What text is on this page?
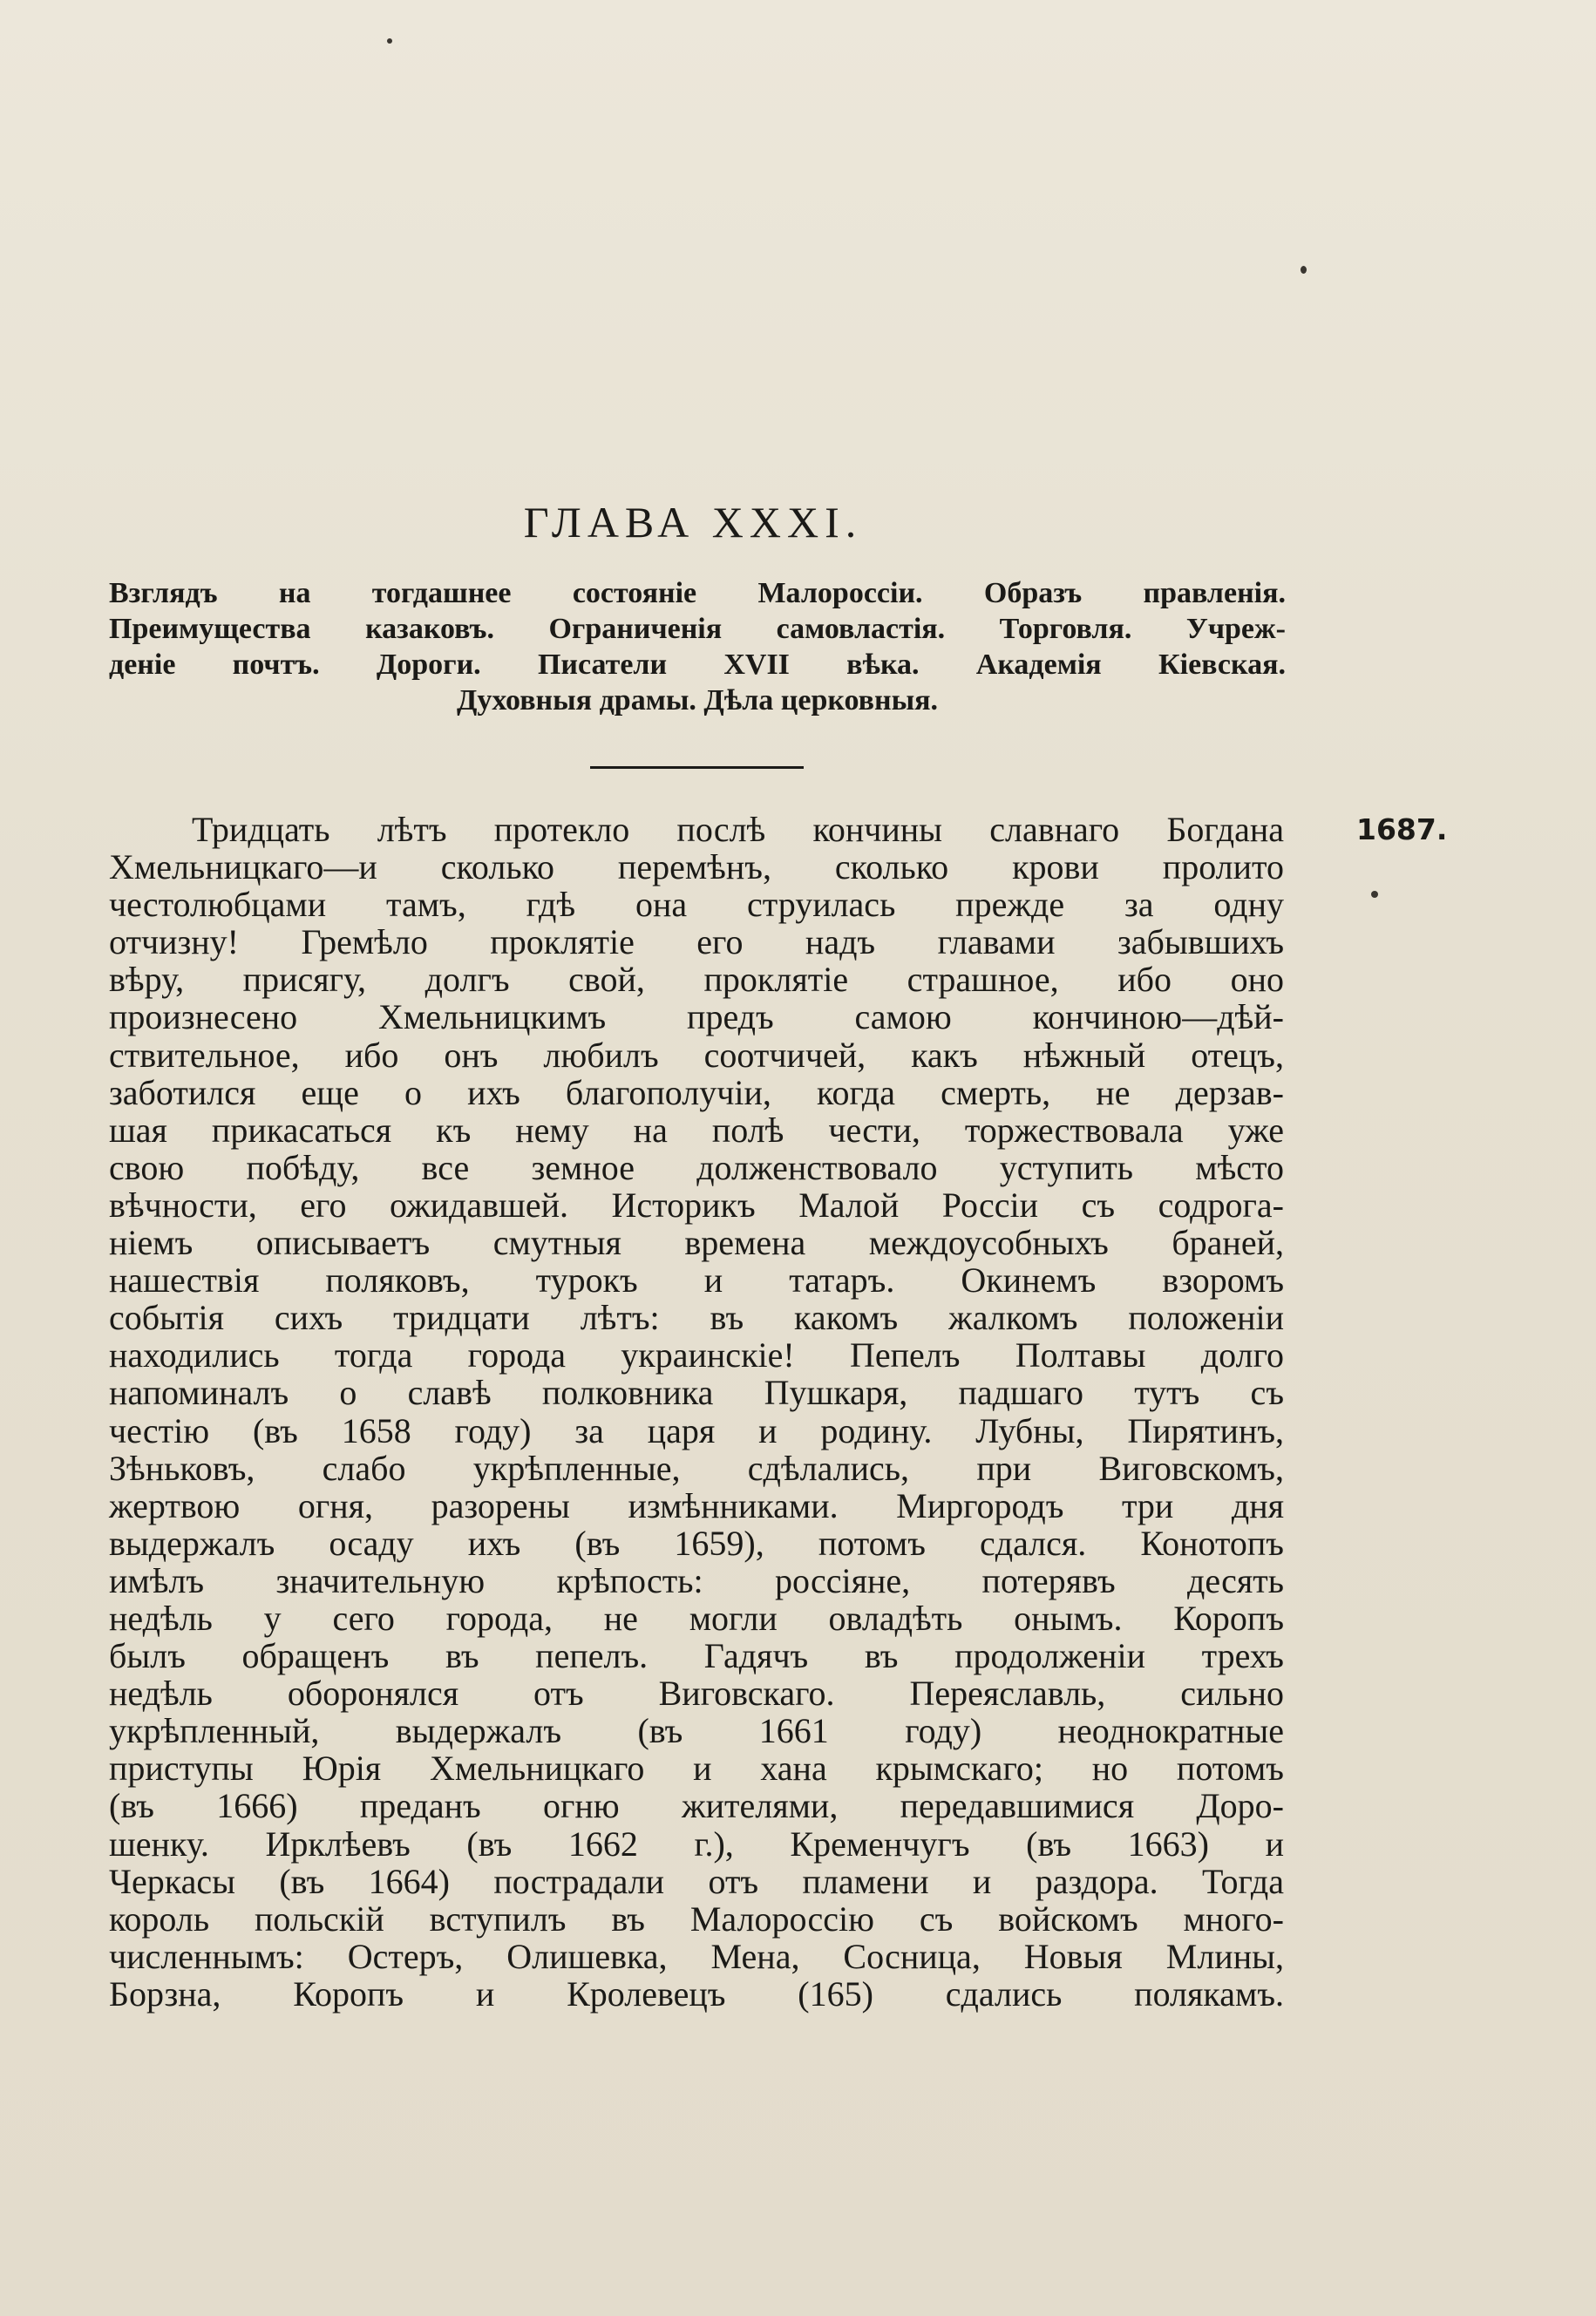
ГЛАВА XXXI.
Взглядъ на тогдашнее состояніе Малороссіи. Образъ правленія.
Преимущества казаковъ. Ограниченія самовластія. Торговля. Учреж-
деніе почтъ. Дороги. Писатели XVII вѣка. Академія Кіевская.
Духовныя драмы. Дѣла церковныя.
1687.
Тридцать лѣтъ протекло послѣ кончины славнаго Богдана
Хмельницкаго—и сколько перемѣнъ, сколько крови пролито
честолюбцами тамъ, гдѣ она струилась прежде за одну
отчизну! Гремѣло проклятіе его надъ главами забывшихъ
вѣру, присягу, долгъ свой, проклятіе страшное, ибо оно
произнесено Хмельницкимъ предъ самою кончиною—дѣй-
ствительное, ибо онъ любилъ соотчичей, какъ нѣжный отецъ,
заботился еще о ихъ благополучіи, когда смерть, не дерзав-
шая прикасаться къ нему на полѣ чести, торжествовала уже
свою побѣду, все земное долженствовало уступить мѣсто
вѣчности, его ожидавшей. Историкъ Малой Россіи съ содрога-
ніемъ описываетъ смутныя времена междоусобныхъ браней,
нашествія поляковъ, турокъ и татаръ. Окинемъ взоромъ
событія сихъ тридцати лѣтъ: въ какомъ жалкомъ положеніи
находились тогда города украинскіе! Пепелъ Полтавы долго
напоминалъ о славѣ полковника Пушкаря, падшаго тутъ съ
честію (въ 1658 году) за царя и родину. Лубны, Пирятинъ,
Зѣньковъ, слабо укрѣпленные, сдѣлались, при Виговскомъ,
жертвою огня, разорены измѣнниками. Миргородъ три дня
выдержалъ осаду ихъ (въ 1659), потомъ сдался. Конотопъ
имѣлъ значительную крѣпость: россіяне, потерявъ десять
недѣль у сего города, не могли овладѣть онымъ. Коропъ
былъ обращенъ въ пепелъ. Гадячъ въ продолженіи трехъ
недѣль оборонялся отъ Виговскаго. Переяславль, сильно
укрѣпленный, выдержалъ (въ 1661 году) неоднократные
приступы Юрія Хмельницкаго и хана крымскаго; но потомъ
(въ 1666) преданъ огню жителями, передавшимися Доро-
шенку. Ирклѣевъ (въ 1662 г.), Кременчугъ (въ 1663) и
Черкасы (въ 1664) пострадали отъ пламени и раздора. Тогда
король польскій вступилъ въ Малороссію съ войскомъ много-
численнымъ: Остеръ, Олишевка, Мена, Сосница, Новыя Млины,
Борзна, Коропъ и Кролевецъ (165) сдались полякамъ.
